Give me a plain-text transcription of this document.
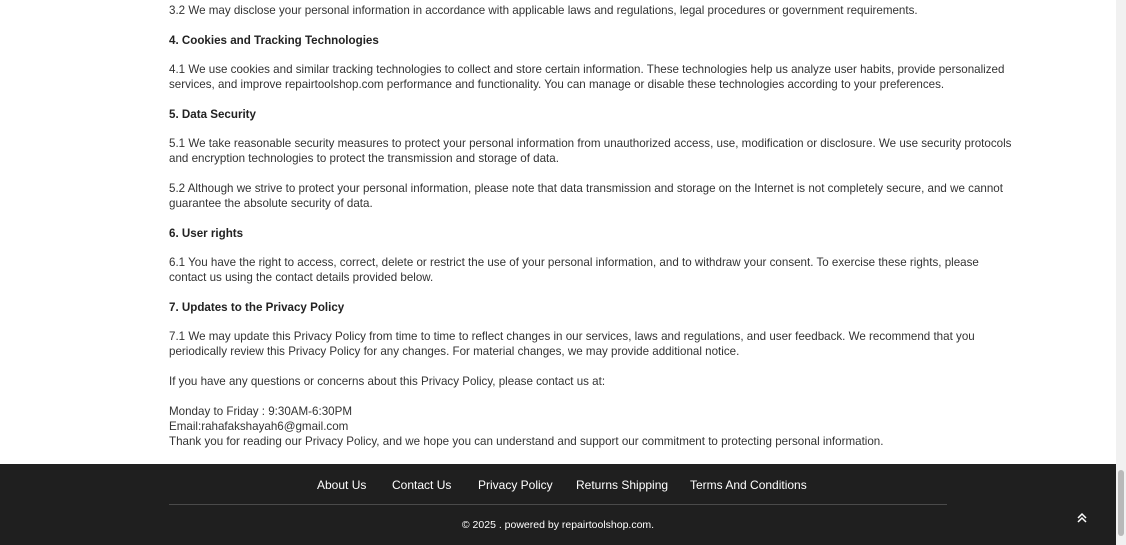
3.2 We may disclose your personal information in accordance with applicable laws and regulations, legal procedures or government requirements.
4. Cookies and Tracking Technologies
4.1 We use cookies and similar tracking technologies to collect and store certain information. These technologies help us analyze user habits, provide personalized
services, and improve repairtoolshop.com performance and functionality. You can manage or disable these technologies according to your preferences.
5. Data Security
5.1 We take reasonable security measures to protect your personal information from unauthorized access, use, modification or disclosure. We use security protocols
and encryption technologies to protect the transmission and storage of data.
5.2 Although we strive to protect your personal information, please note that data transmission and storage on the Internet is not completely secure, and we cannot
guarantee the absolute security of data.
6. User rights
6.1 You have the right to access, correct, delete or restrict the use of your personal information, and to withdraw your consent. To exercise these rights, please
contact us using the contact details provided below.
7. Updates to the Privacy Policy
7.1 We may update this Privacy Policy from time to time to reflect changes in our services, laws and regulations, and user feedback. We recommend that you
periodically review this Privacy Policy for any changes. For material changes, we may provide additional notice.
If you have any questions or concerns about this Privacy Policy, please contact us at:
Monday to Friday : 9:30AM-6:30PM
Email:rahafakshayah6@gmail.com
Thank you for reading our Privacy Policy, and we hope you can understand and support our commitment to protecting personal information.
About Us Contact Us Privacy Policy Returns Shipping Terms And Conditions
© 2025 . powered by repairtoolshop.com.
